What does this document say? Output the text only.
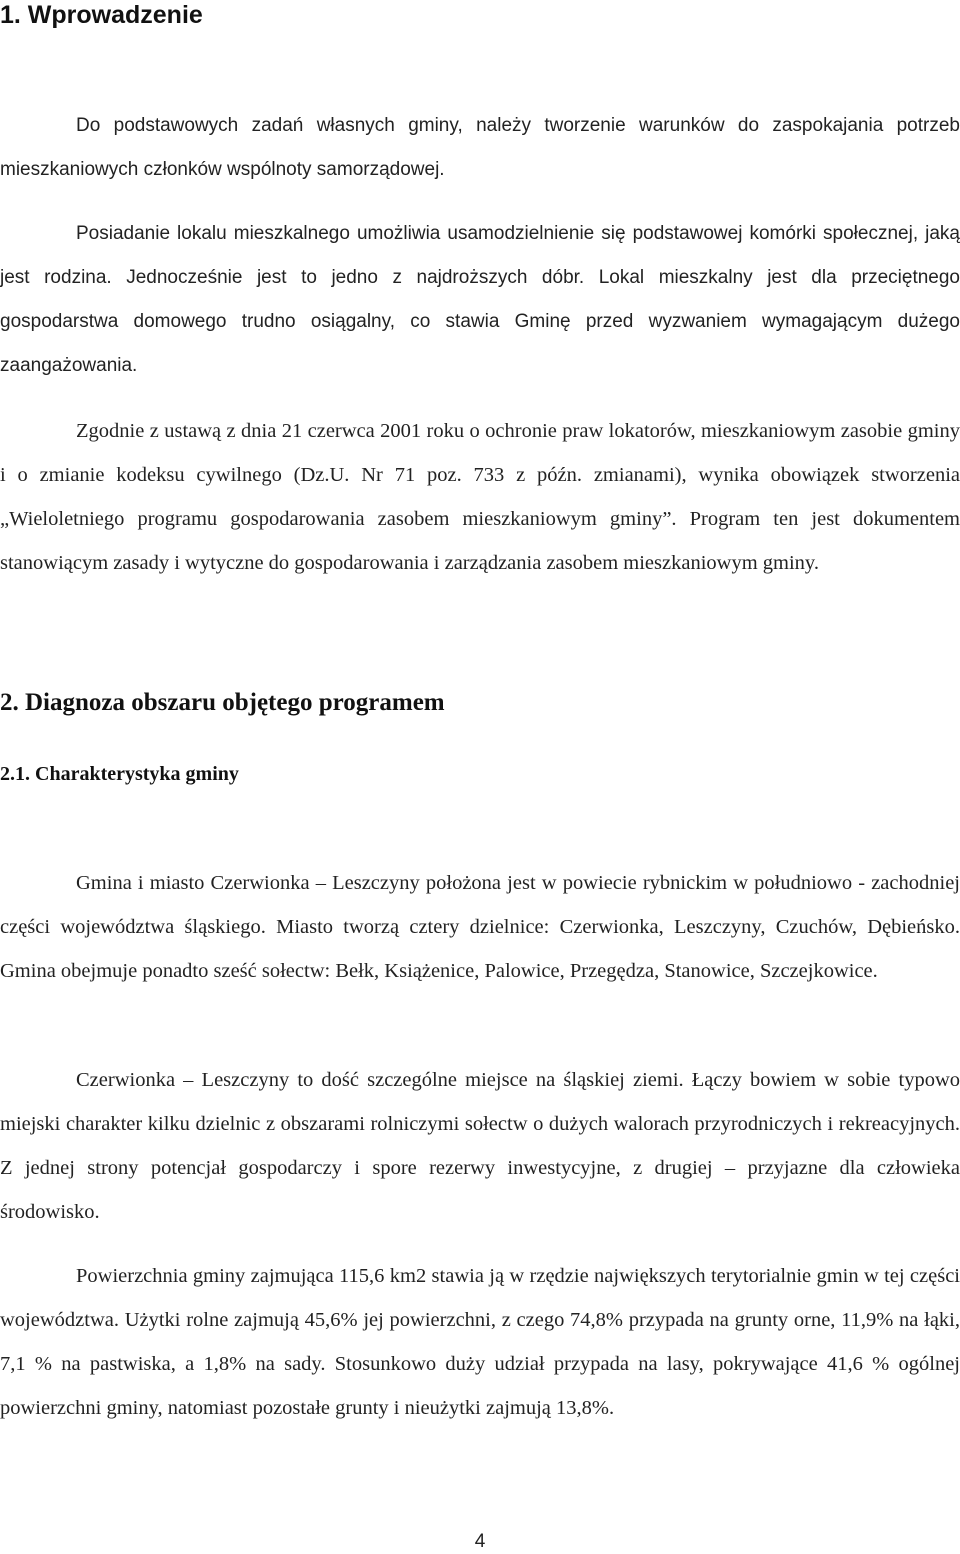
1. Wprowadzenie

Do podstawowych zadań własnych gminy, należy tworzenie warunków do zaspokajania potrzeb mieszkaniowych członków wspólnoty samorządowej.

Posiadanie lokalu mieszkalnego umożliwia usamodzielnienie się podstawowej komórki społecznej, jaką jest rodzina. Jednocześnie jest to jedno z najdroższych dóbr. Lokal mieszkalny jest dla przeciętnego gospodarstwa domowego trudno osiągalny, co stawia Gminę przed wyzwaniem wymagającym dużego zaangażowania.

Zgodnie z ustawą z dnia 21 czerwca 2001 roku o ochronie praw lokatorów, mieszkaniowym zasobie gminy i o zmianie kodeksu cywilnego (Dz.U. Nr 71 poz. 733 z późn. zmianami), wynika obowiązek stworzenia „Wieloletniego programu gospodarowania zasobem mieszkaniowym gminy”. Program ten jest dokumentem stanowiącym zasady i wytyczne do gospodarowania i zarządzania zasobem mieszkaniowym gminy.

2. Diagnoza obszaru objętego programem
2.1. Charakterystyka gminy

Gmina i miasto Czerwionka – Leszczyny położona jest w powiecie rybnickim w południowo - zachodniej części województwa śląskiego. Miasto tworzą cztery dzielnice: Czerwionka, Leszczyny, Czuchów, Dębieńsko. Gmina obejmuje ponadto sześć sołectw: Bełk, Książenice, Palowice, Przegędza, Stanowice, Szczejkowice.

Czerwionka – Leszczyny to dość szczególne miejsce na śląskiej ziemi. Łączy bowiem w sobie typowo miejski charakter kilku dzielnic z obszarami rolniczymi sołectw o dużych walorach przyrodniczych i rekreacyjnych. Z jednej strony potencjał gospodarczy i spore rezerwy inwestycyjne, z drugiej – przyjazne dla człowieka środowisko.

Powierzchnia gminy zajmująca 115,6 km2 stawia ją w rzędzie największych terytorialnie gmin w tej części województwa. Użytki rolne zajmują 45,6% jej powierzchni, z czego 74,8% przypada na grunty orne, 11,9% na łąki, 7,1 % na pastwiska, a 1,8% na sady. Stosunkowo duży udział przypada na lasy, pokrywające 41,6 % ogólnej powierzchni gminy, natomiast pozostałe grunty i nieużytki zajmują 13,8%.

4
